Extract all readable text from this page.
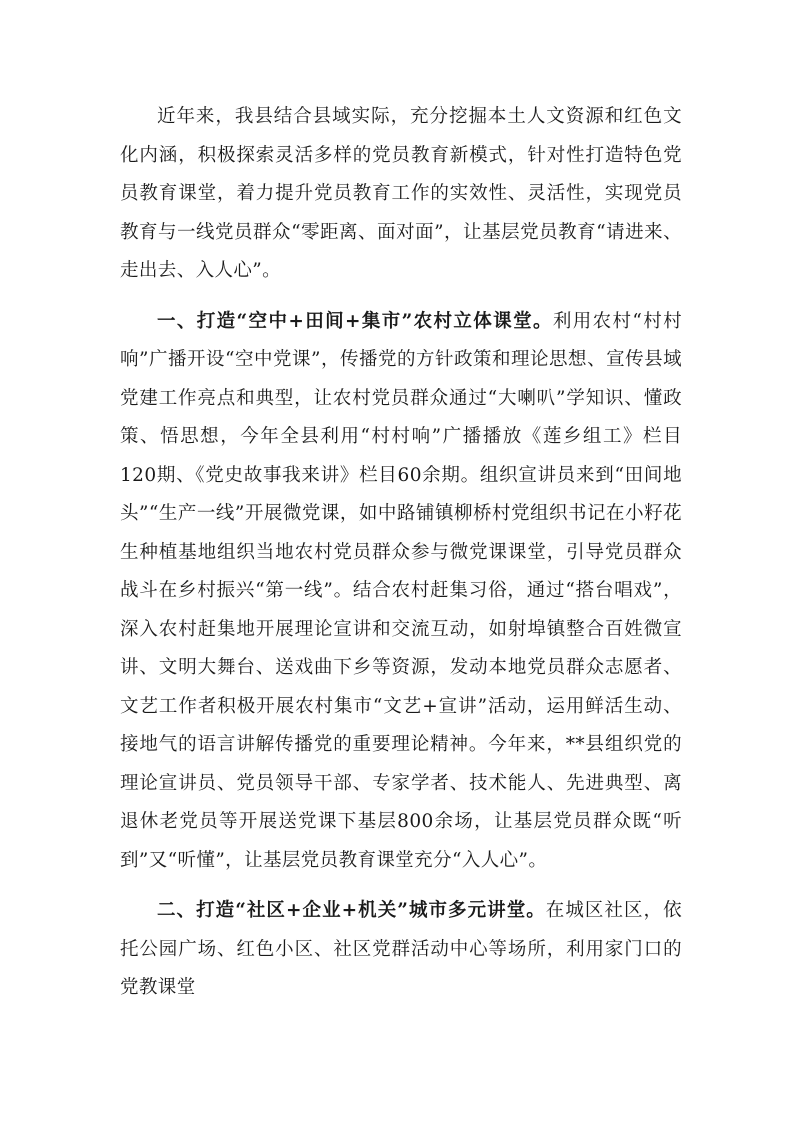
近年来，我县结合县域实际，充分挖掘本土人文资源和红色文化内涵，积极探索灵活多样的党员教育新模式，针对性打造特色党员教育课堂，着力提升党员教育工作的实效性、灵活性，实现党员教育与一线党员群众“零距离、面对面”，让基层党员教育“请进来、走出去、入人心”。

一、打造“空中+田间+集市”农村立体课堂。利用农村“村村响”广播开设“空中党课”，传播党的方针政策和理论思想、宣传县域党建工作亮点和典型，让农村党员群众通过“大喇叭”学知识、懂政策、悟思想，今年全县利用“村村响”广播播放《莲乡组工》栏目120期、《党史故事我来讲》栏目60余期。组织宣讲员来到“田间地头”“生产一线”开展微党课，如中路铺镇柳桥村党组织书记在小籽花生种植基地组织当地农村党员群众参与微党课课堂，引导党员群众战斗在乡村振兴“第一线”。结合农村赶集习俗，通过“搭台唱戏”，深入农村赶集地开展理论宣讲和交流互动，如射埠镇整合百姓微宣讲、文明大舞台、送戏曲下乡等资源，发动本地党员群众志愿者、文艺工作者积极开展农村集市“文艺+宣讲”活动，运用鲜活生动、接地气的语言讲解传播党的重要理论精神。今年来，**县组织党的理论宣讲员、党员领导干部、专家学者、技术能人、先进典型、离退休老党员等开展送党课下基层800余场，让基层党员群众既“听到”又“听懂”，让基层党员教育课堂充分“入人心”。

二、打造“社区+企业+机关”城市多元讲堂。在城区社区，依托公园广场、红色小区、社区党群活动中心等场所，利用家门口的党教课堂
